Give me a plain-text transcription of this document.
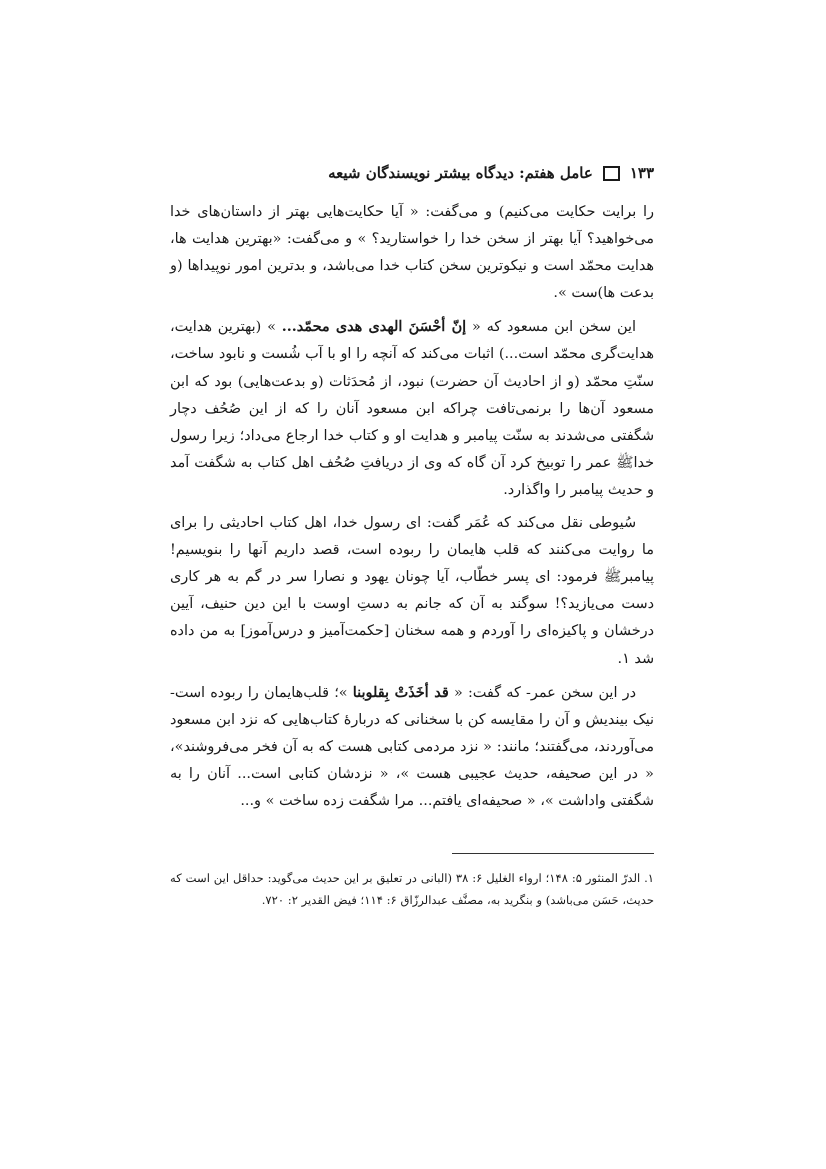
۱۳۳
عامل هفتم: دیدگاه بیشتر نویسندگان شیعه

را برایت حکایت می‌کنیم) و می‌گفت: « آیا حکایت‌هایی بهتر از داستان‌های خدا می‌خواهید؟ آیا بهتر از سخن خدا را خواستارید؟ » و می‌گفت: «بهترین هدایت ها، هدایت محمّد است و نیکوترین سخن کتاب خدا می‌باشد، و بدترین امور نوپیداها (و بدعت ها)ست ».

این سخن ابن مسعود که « إنّ أحْسَنَ الهدی هدی محمّد... » (بهترین هدایت، هدایت‌گری محمّد است...) اثبات می‌کند که آنچه را او با آب شُست و نابود ساخت، سنّتِ محمّد (و از احادیث آن حضرت) نبود، از مُحدَثات (و بدعت‌هایی) بود که ابن مسعود آن‌ها را برنمی‌تافت چراکه ابن مسعود آنان را که از این صُحُف دچار شگفتی می‌شدند به سنّت پیامبر و هدایت او و کتاب خدا ارجاع می‌داد؛ زیرا رسول خداﷺ عمر را توبیخ کرد آن گاه که وی از دریافتِ صُحُف اهل کتاب به شگفت آمد و حدیث پیامبر را واگذارد.

سُیوطی نقل می‌کند که عُمَر گفت: ای رسول خدا، اهل کتاب احادیثی را برای ما روایت می‌کنند که قلب هایمان را ربوده است، قصد داریم آنها را بنویسیم! پیامبرﷺ فرمود: ای پسر خطّاب، آیا چونان یهود و نصارا سر در گم به هر کاری دست می‌یازید؟! سوگند به آن که جانم به دستِ اوست با این دین حنیف، آیین درخشان و پاکیزه‌ای را آوردم و همه سخنان [حکمت‌آمیز و درس‌آموز] به من داده شد ۱.

در این سخن عمر- که گفت: « قد أخَذَتْ بِقلوبنا »؛ قلب‌هایمان را ربوده است- نیک بیندیش و آن را مقایسه کن با سخنانی که دربارهٔ کتاب‌هایی که نزد ابن مسعود می‌آوردند، می‌گفتند؛ مانند: « نزد مردمی کتابی هست که به آن فخر می‌فروشند»، « در این صحیفه، حدیث عجیبی هست »، « نزدشان کتابی است... آنان را به شگفتی واداشت »، « صحیفه‌ای یافتم... مرا شگفت زده ساخت » و...

۱. الدرّ المنثور ۵: ۱۴۸؛ ارواء الغلیل ۶: ۳۸ (البانی در تعلیق بر این حدیث می‌گوید: حداقل این است که حدیث، حَسَن می‌باشد) و بنگرید به، مصنَّف عبدالرزّاق ۶: ۱۱۴؛ فیض القدیر ۲: ۷۲۰.
